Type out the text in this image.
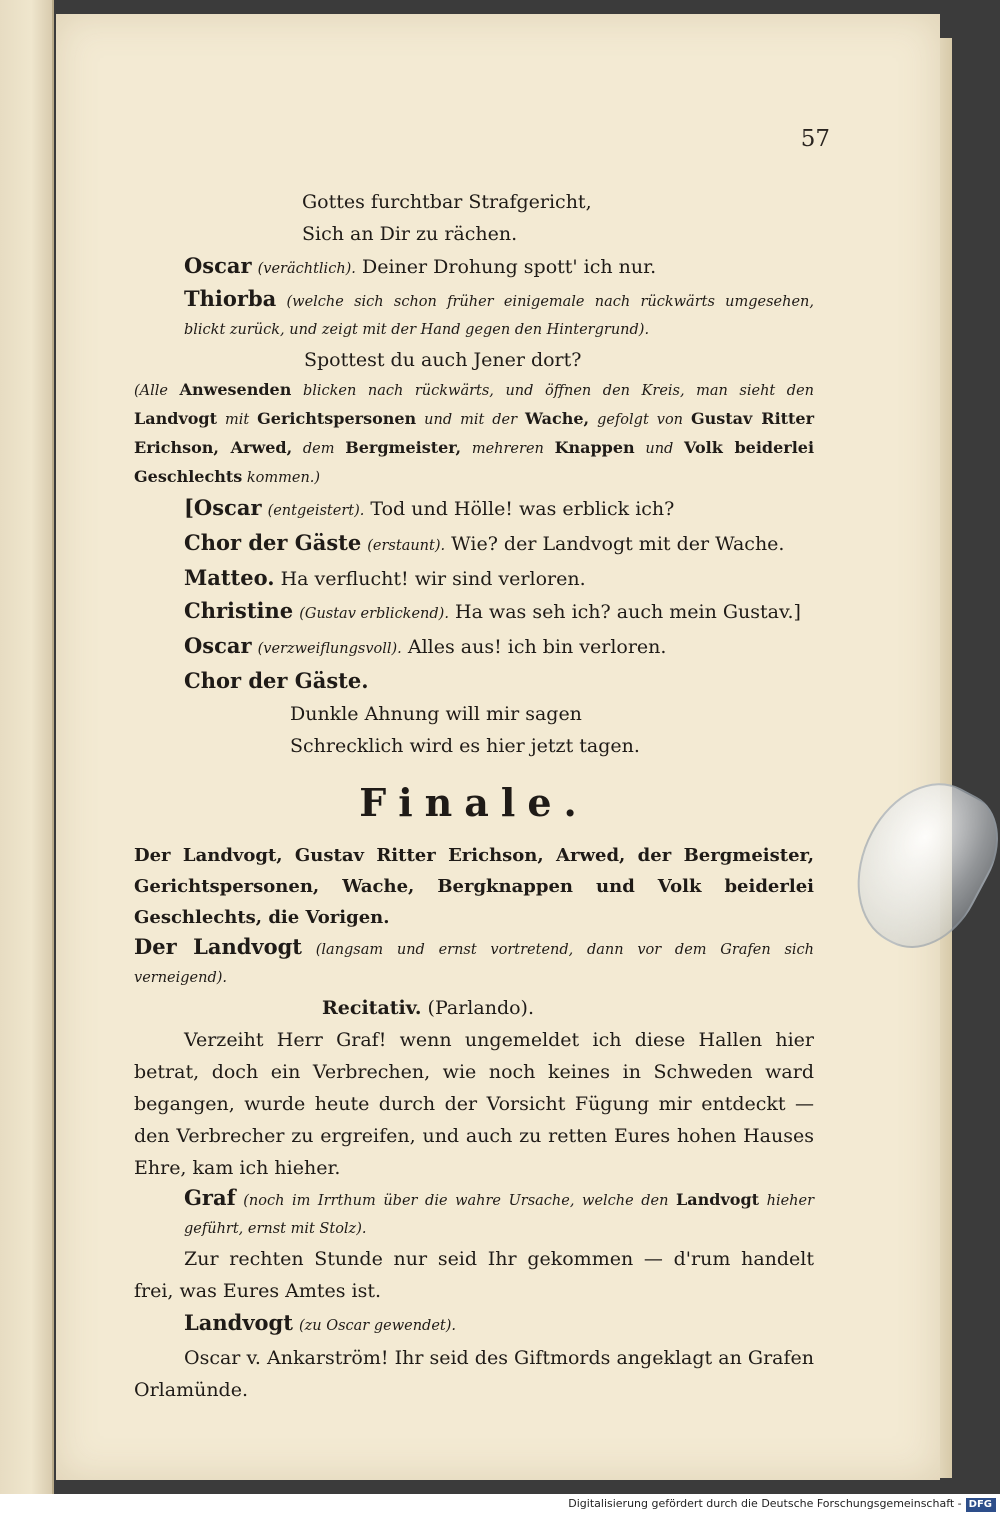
57
Gottes furchtbar Strafgericht,
Sich an Dir zu rächen.
Oscar (verächtlich). Deiner Drohung spott' ich nur.
Thiorba (welche sich schon früher einigemale nach rückwärts umgesehen, blickt zurück, und zeigt mit der Hand gegen den Hintergrund).
Spottest du auch Jener dort?
(Alle Anwesenden blicken nach rückwärts, und öffnen den Kreis, man sieht den Landvogt mit Gerichtspersonen und mit der Wache, gefolgt von Gustav Ritter Erichson, Arwed, dem Bergmeister, mehreren Knappen und Volk beiderlei Geschlechts kommen.)
[Oscar (entgeistert). Tod und Hölle! was erblick ich?
Chor der Gäste (erstaunt). Wie? der Landvogt mit der Wache.
Matteo. Ha verflucht! wir sind verloren.
Christine (Gustav erblickend). Ha was seh ich? auch mein Gustav.]
Oscar (verzweiflungsvoll). Alles aus! ich bin verloren.
Chor der Gäste.
Dunkle Ahnung will mir sagen
Schrecklich wird es hier jetzt tagen.
Finale.
Der Landvogt, Gustav Ritter Erichson, Arwed, der Bergmeister, Gerichtspersonen, Wache, Bergknappen und Volk beiderlei Geschlechts, die Vorigen.
Der Landvogt (langsam und ernst vortretend, dann vor dem Grafen sich verneigend).
Recitativ. (Parlando).
Verzeiht Herr Graf! wenn ungemeldet ich diese Hallen hier betrat, doch ein Verbrechen, wie noch keines in Schweden ward begangen, wurde heute durch der Vorsicht Fügung mir entdeckt — den Verbrecher zu ergreifen, und auch zu retten Eures hohen Hauses Ehre, kam ich hieher.
Graf (noch im Irrthum über die wahre Ursache, welche den Landvogt hieher geführt, ernst mit Stolz).
Zur rechten Stunde nur seid Ihr gekommen — d'rum handelt frei, was Eures Amtes ist.
Landvogt (zu Oscar gewendet).
Oscar v. Ankarström! Ihr seid des Giftmords angeklagt an Grafen Orlamünde.
Digitalisierung gefördert durch die Deutsche Forschungsgemeinschaft - DFG
